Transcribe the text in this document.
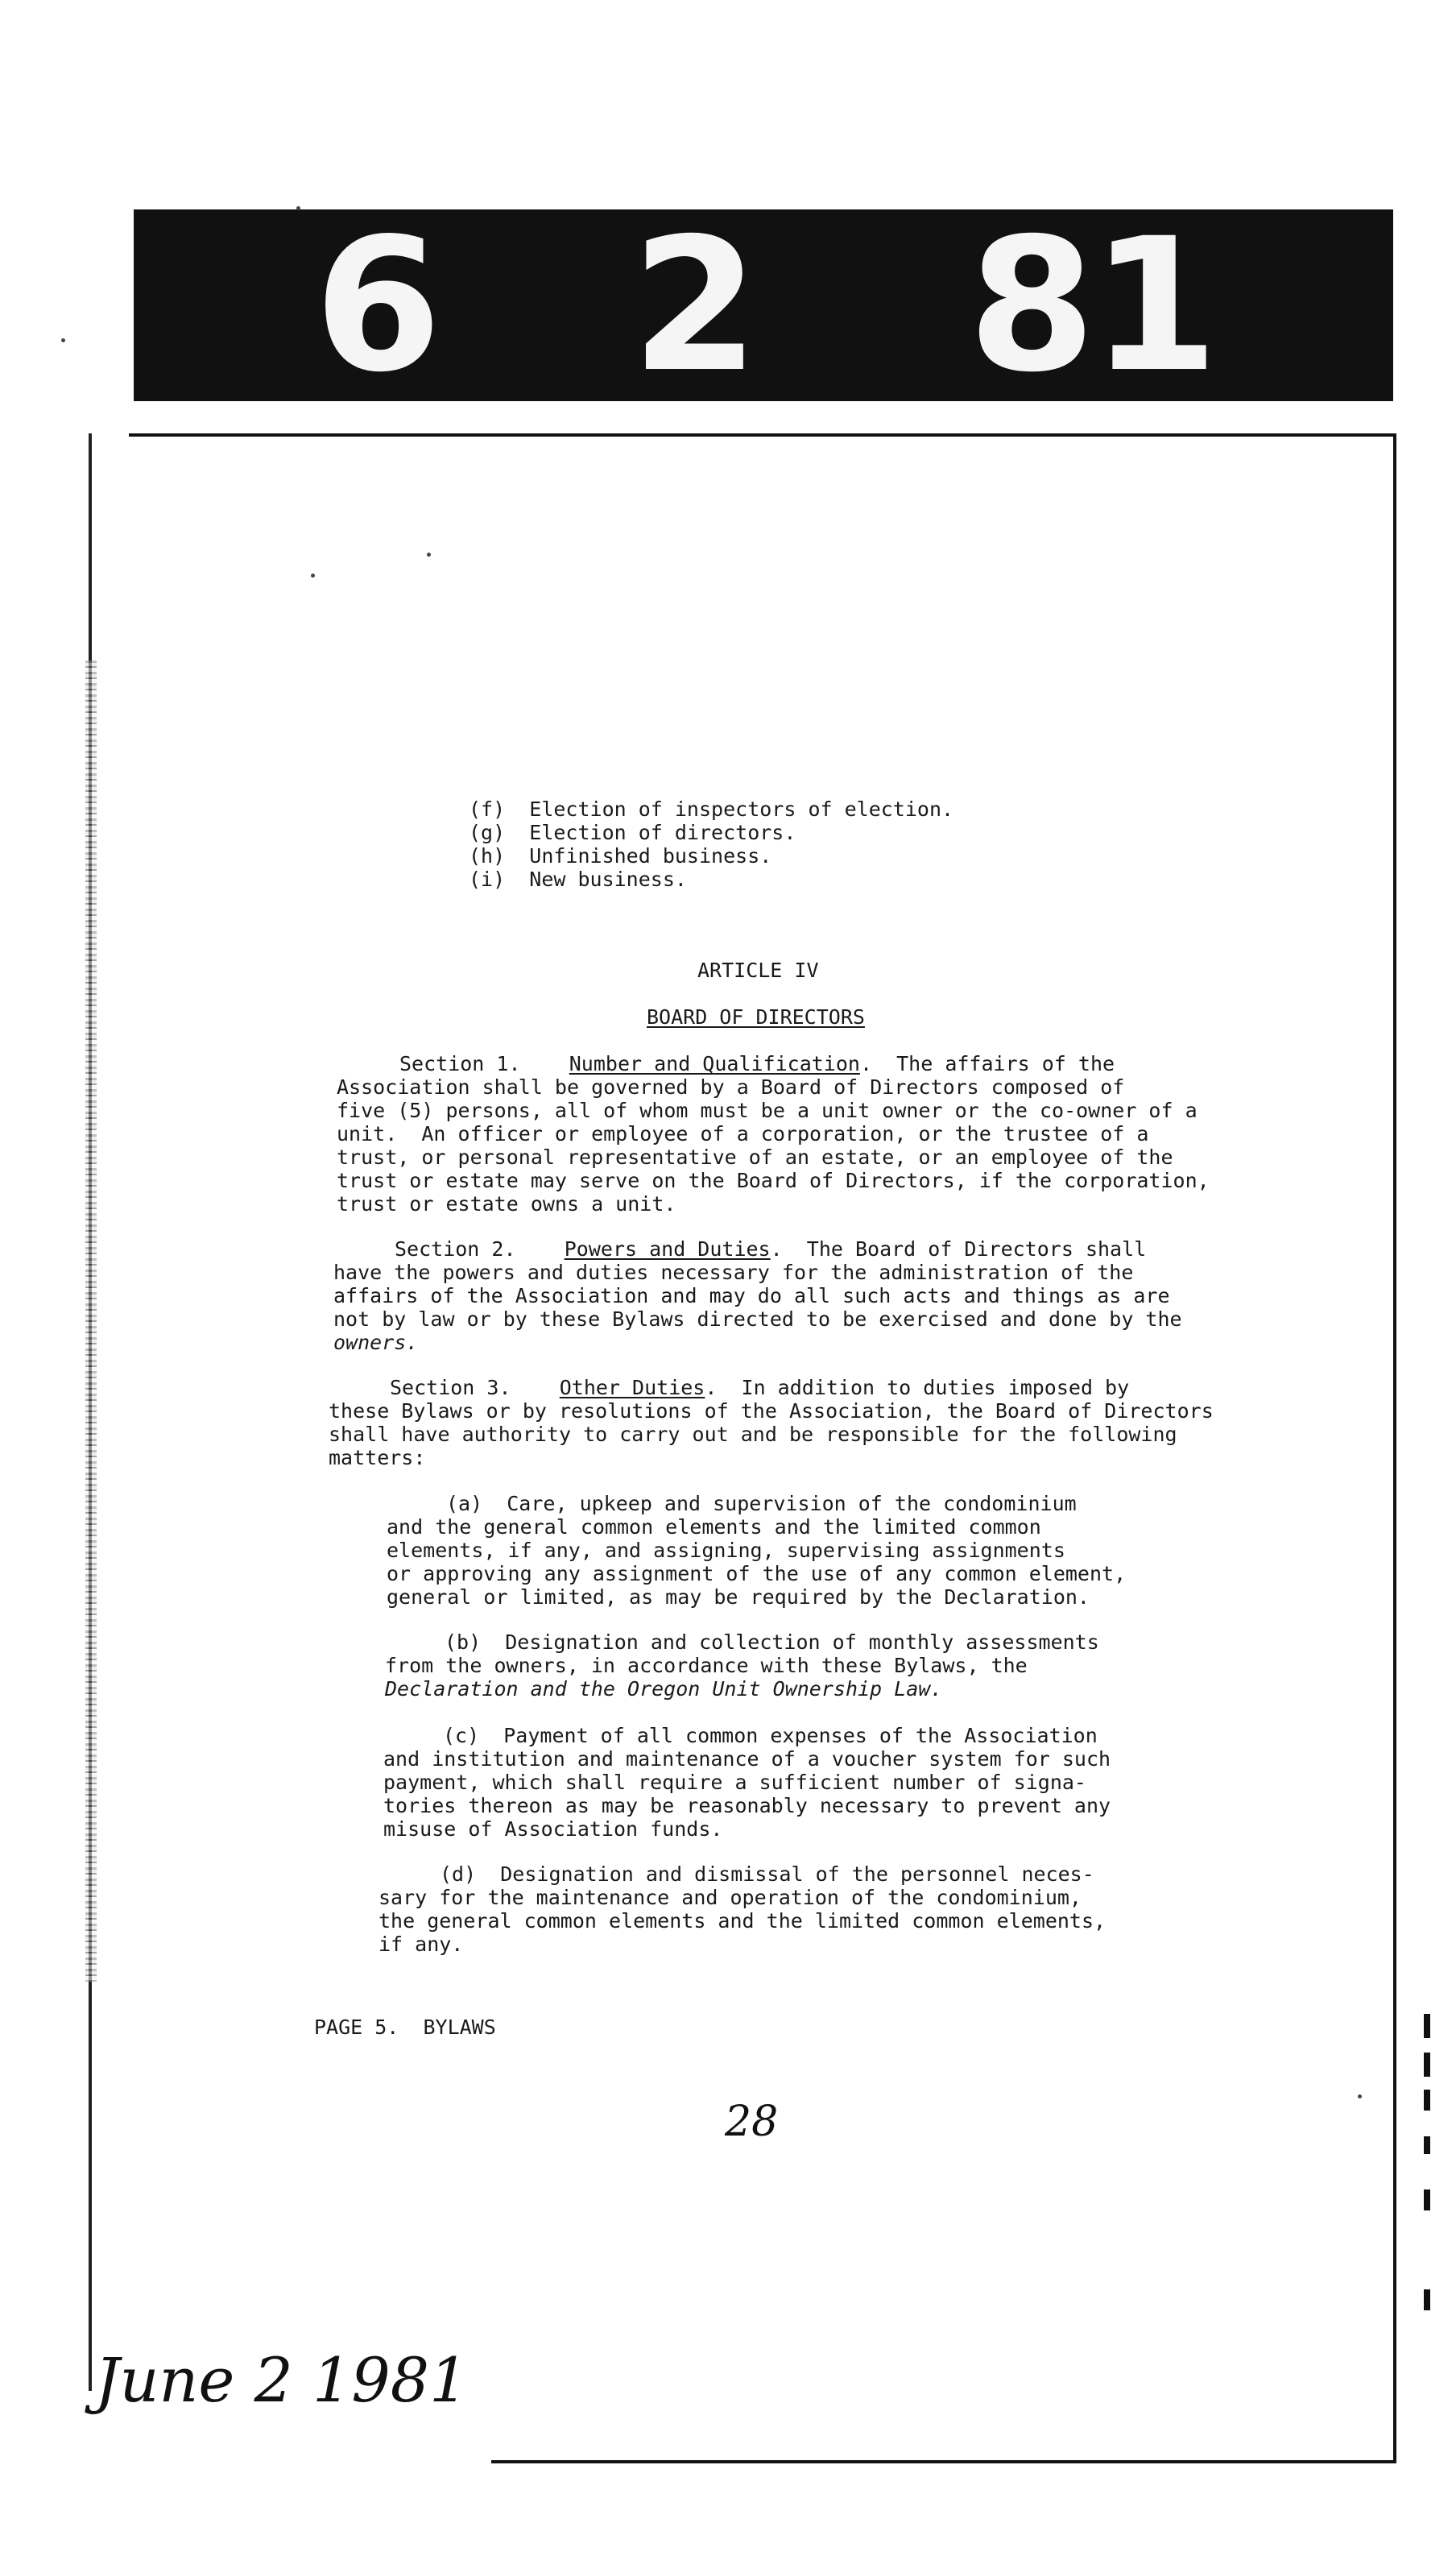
6 2 81
(f) Election of inspectors of election.
(g) Election of directors.
(h) Unfinished business.
(i) New business.
ARTICLE IV
BOARD OF DIRECTORS
Section 1. Number and Qualification.  The affairs of the
Association shall be governed by a Board of Directors composed of
five (5) persons, all of whom must be a unit owner or the co-owner of a
unit.  An officer or employee of a corporation, or the trustee of a
trust, or personal representative of an estate, or an employee of the
trust or estate may serve on the Board of Directors, if the corporation,
trust or estate owns a unit.
Section 2. Powers and Duties.  The Board of Directors shall
have the powers and duties necessary for the administration of the
affairs of the Association and may do all such acts and things as are
not by law or by these Bylaws directed to be exercised and done by the
owners.
Section 3. Other Duties.  In addition to duties imposed by
these Bylaws or by resolutions of the Association, the Board of Directors
shall have authority to carry out and be responsible for the following
matters:
(a)  Care, upkeep and supervision of the condominium
and the general common elements and the limited common
elements, if any, and assigning, supervising assignments
or approving any assignment of the use of any common element,
general or limited, as may be required by the Declaration.
(b)  Designation and collection of monthly assessments
from the owners, in accordance with these Bylaws, the
Declaration and the Oregon Unit Ownership Law.
(c)  Payment of all common expenses of the Association
and institution and maintenance of a voucher system for such
payment, which shall require a sufficient number of signa-
tories thereon as may be reasonably necessary to prevent any
misuse of Association funds.
(d)  Designation and dismissal of the personnel neces-
sary for the maintenance and operation of the condominium,
the general common elements and the limited common elements,
if any.
PAGE 5.  BYLAWS
28
June 2 1981
